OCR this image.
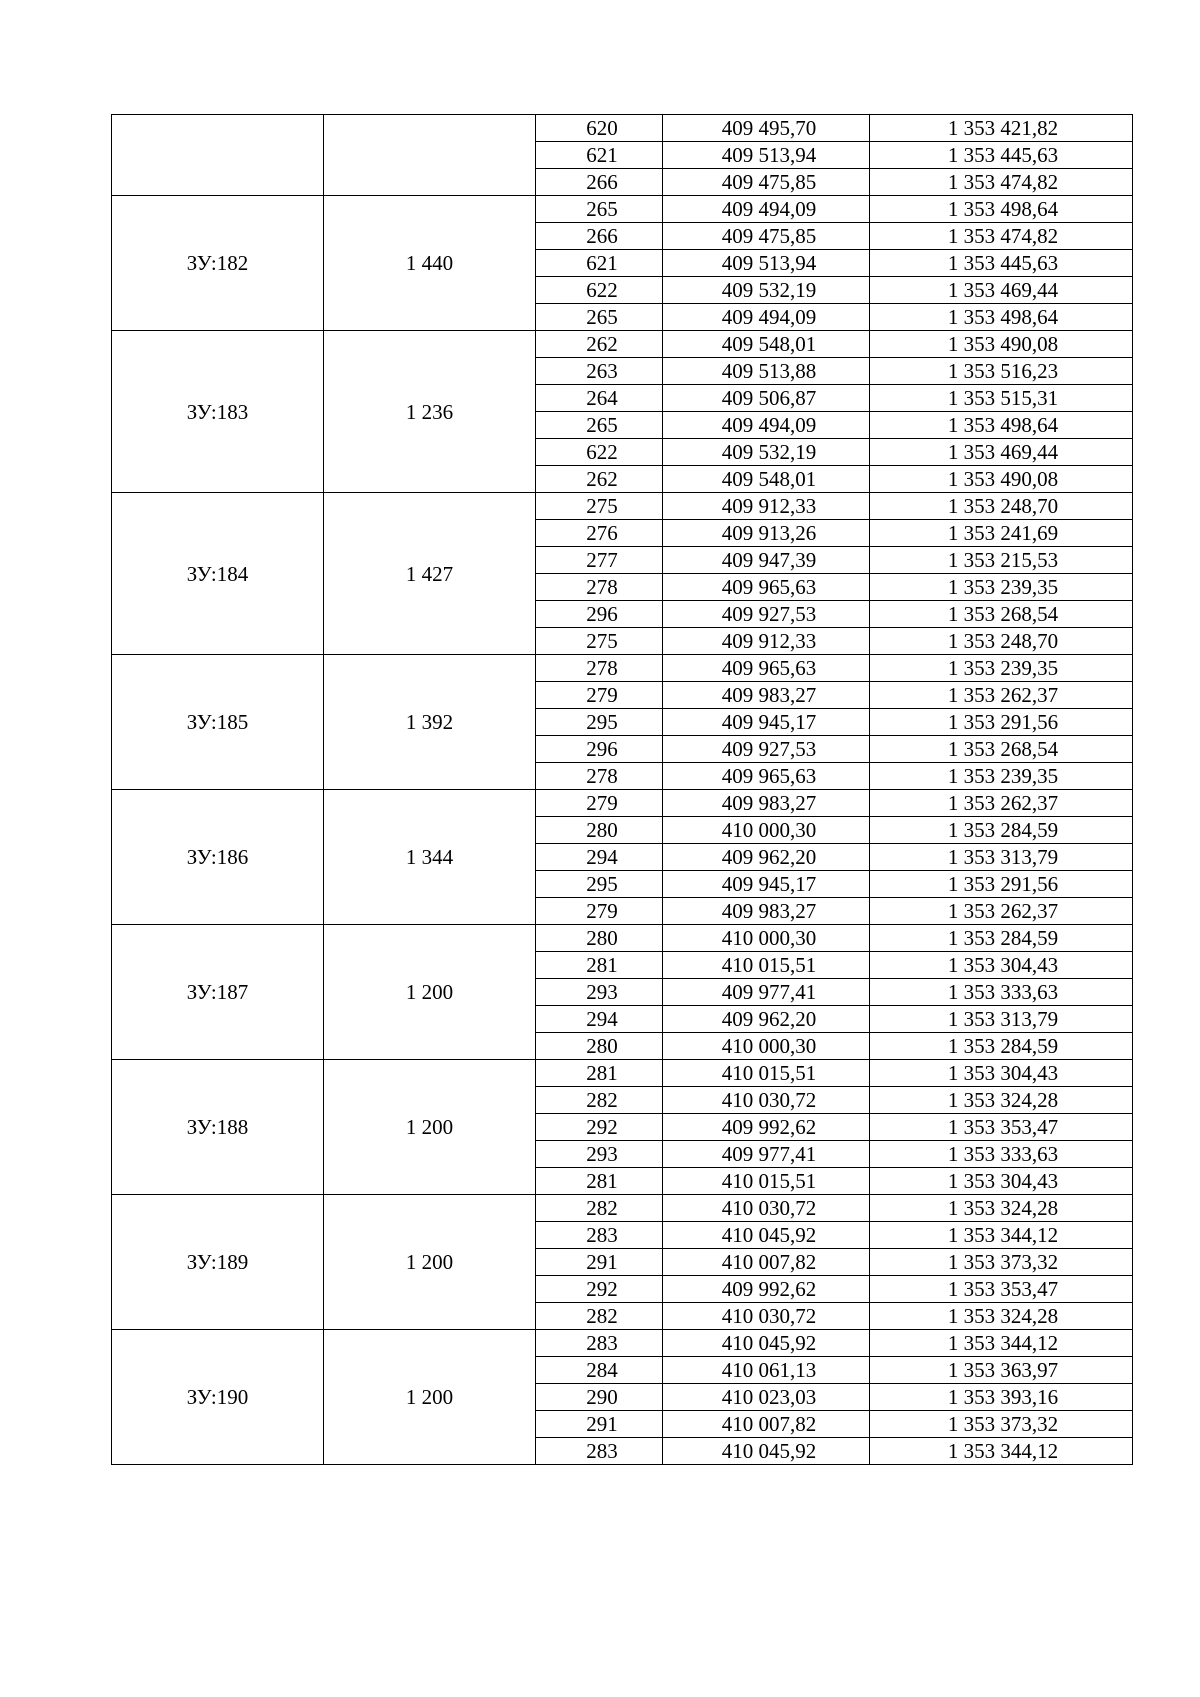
		620	409 495,70	1 353 421,82
		621	409 513,94	1 353 445,63
		266	409 475,85	1 353 474,82
ЗУ:182	1 440	265	409 494,09	1 353 498,64
		266	409 475,85	1 353 474,82
		621	409 513,94	1 353 445,63
		622	409 532,19	1 353 469,44
		265	409 494,09	1 353 498,64
ЗУ:183	1 236	262	409 548,01	1 353 490,08
		263	409 513,88	1 353 516,23
		264	409 506,87	1 353 515,31
		265	409 494,09	1 353 498,64
		622	409 532,19	1 353 469,44
		262	409 548,01	1 353 490,08
ЗУ:184	1 427	275	409 912,33	1 353 248,70
		276	409 913,26	1 353 241,69
		277	409 947,39	1 353 215,53
		278	409 965,63	1 353 239,35
		296	409 927,53	1 353 268,54
		275	409 912,33	1 353 248,70
ЗУ:185	1 392	278	409 965,63	1 353 239,35
		279	409 983,27	1 353 262,37
		295	409 945,17	1 353 291,56
		296	409 927,53	1 353 268,54
		278	409 965,63	1 353 239,35
ЗУ:186	1 344	279	409 983,27	1 353 262,37
		280	410 000,30	1 353 284,59
		294	409 962,20	1 353 313,79
		295	409 945,17	1 353 291,56
		279	409 983,27	1 353 262,37
ЗУ:187	1 200	280	410 000,30	1 353 284,59
		281	410 015,51	1 353 304,43
		293	409 977,41	1 353 333,63
		294	409 962,20	1 353 313,79
		280	410 000,30	1 353 284,59
ЗУ:188	1 200	281	410 015,51	1 353 304,43
		282	410 030,72	1 353 324,28
		292	409 992,62	1 353 353,47
		293	409 977,41	1 353 333,63
		281	410 015,51	1 353 304,43
ЗУ:189	1 200	282	410 030,72	1 353 324,28
		283	410 045,92	1 353 344,12
		291	410 007,82	1 353 373,32
		292	409 992,62	1 353 353,47
		282	410 030,72	1 353 324,28
ЗУ:190	1 200	283	410 045,92	1 353 344,12
		284	410 061,13	1 353 363,97
		290	410 023,03	1 353 393,16
		291	410 007,82	1 353 373,32
		283	410 045,92	1 353 344,12
